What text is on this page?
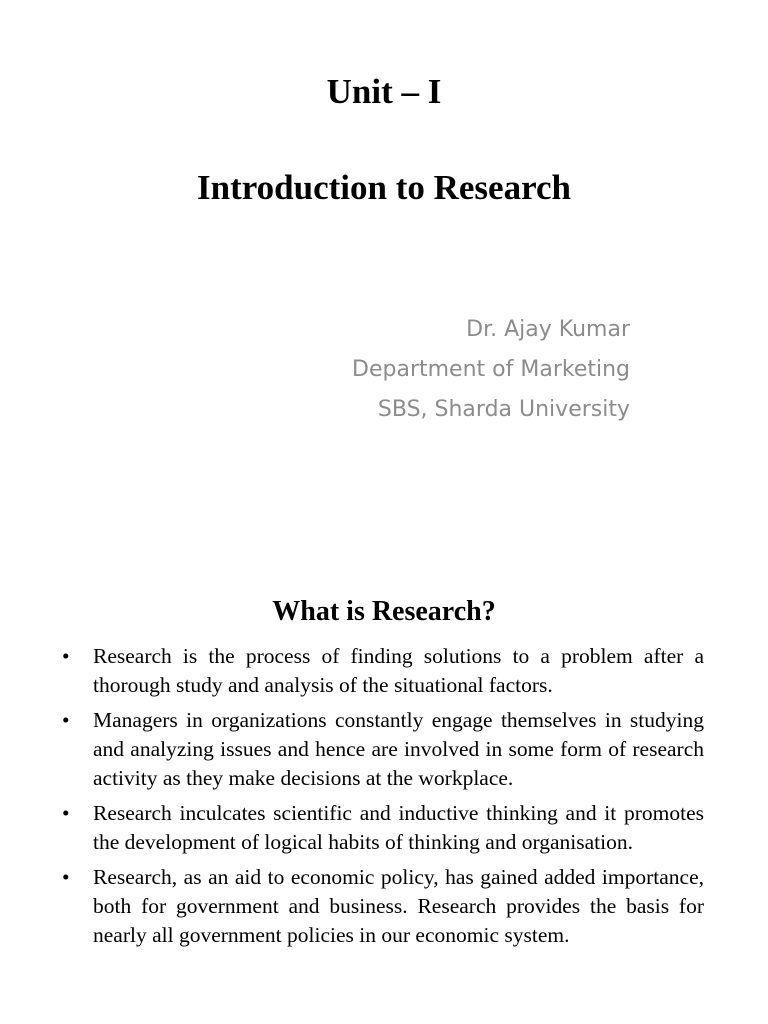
Unit – I
Introduction to Research
Dr. Ajay Kumar
Department of Marketing
SBS, Sharda University
What is Research?
• Research is the process of finding solutions to a problem after a thorough study and analysis of the situational factors.
• Managers in organizations constantly engage themselves in studying and analyzing issues and hence are involved in some form of research activity as they make decisions at the workplace.
• Research inculcates scientific and inductive thinking and it promotes the development of logical habits of thinking and organisation.
• Research, as an aid to economic policy, has gained added importance, both for government and business. Research provides the basis for nearly all government policies in our economic system.
